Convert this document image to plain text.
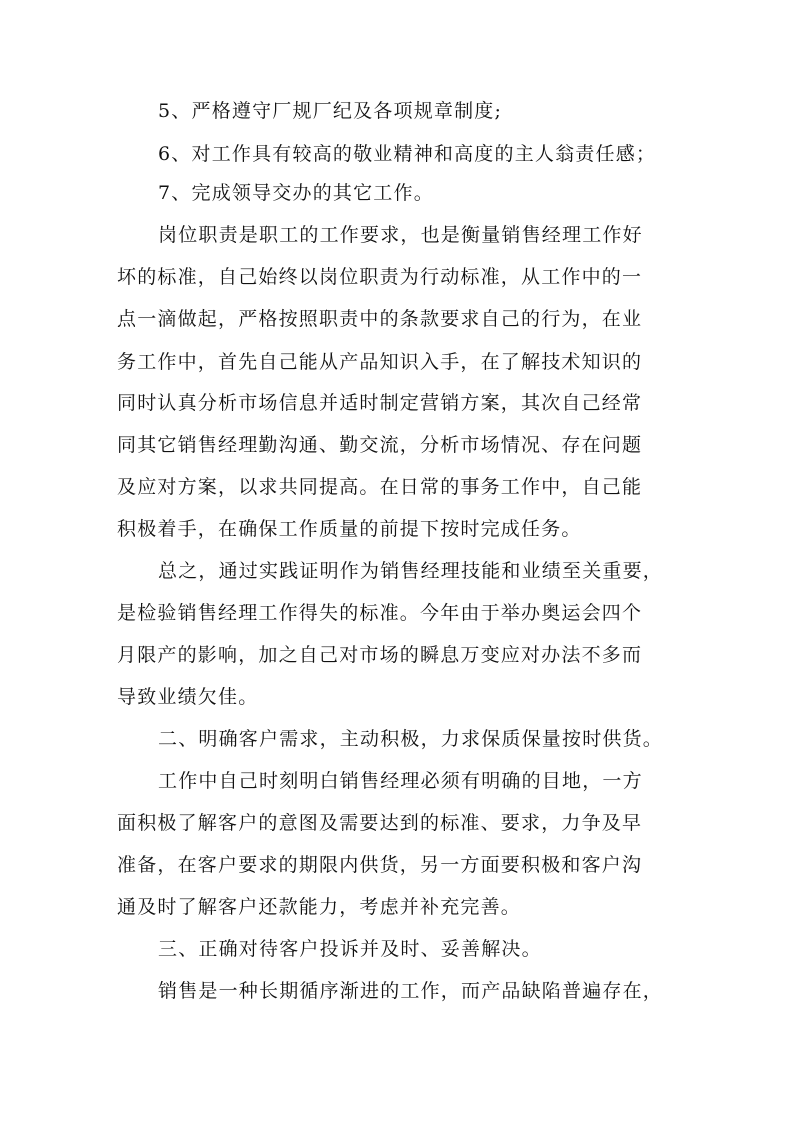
5、严格遵守厂规厂纪及各项规章制度;
6、对工作具有较高的敬业精神和高度的主人翁责任感；
7、完成领导交办的其它工作。
岗位职责是职工的工作要求，也是衡量销售经理工作好
坏的标准，自己始终以岗位职责为行动标准，从工作中的一
点一滴做起，严格按照职责中的条款要求自己的行为，在业
务工作中，首先自己能从产品知识入手，在了解技术知识的
同时认真分析市场信息并适时制定营销方案，其次自己经常
同其它销售经理勤沟通、勤交流，分析市场情况、存在问题
及应对方案，以求共同提高。在日常的事务工作中，自己能
积极着手，在确保工作质量的前提下按时完成任务。
总之，通过实践证明作为销售经理技能和业绩至关重要，
是检验销售经理工作得失的标准。今年由于举办奥运会四个
月限产的影响，加之自己对市场的瞬息万变应对办法不多而
导致业绩欠佳。
二、明确客户需求，主动积极，力求保质保量按时供货。
工作中自己时刻明白销售经理必须有明确的目地，一方
面积极了解客户的意图及需要达到的标准、要求，力争及早
准备，在客户要求的期限内供货，另一方面要积极和客户沟
通及时了解客户还款能力，考虑并补充完善。
三、正确对待客户投诉并及时、妥善解决。
销售是一种长期循序渐进的工作，而产品缺陷普遍存在，
